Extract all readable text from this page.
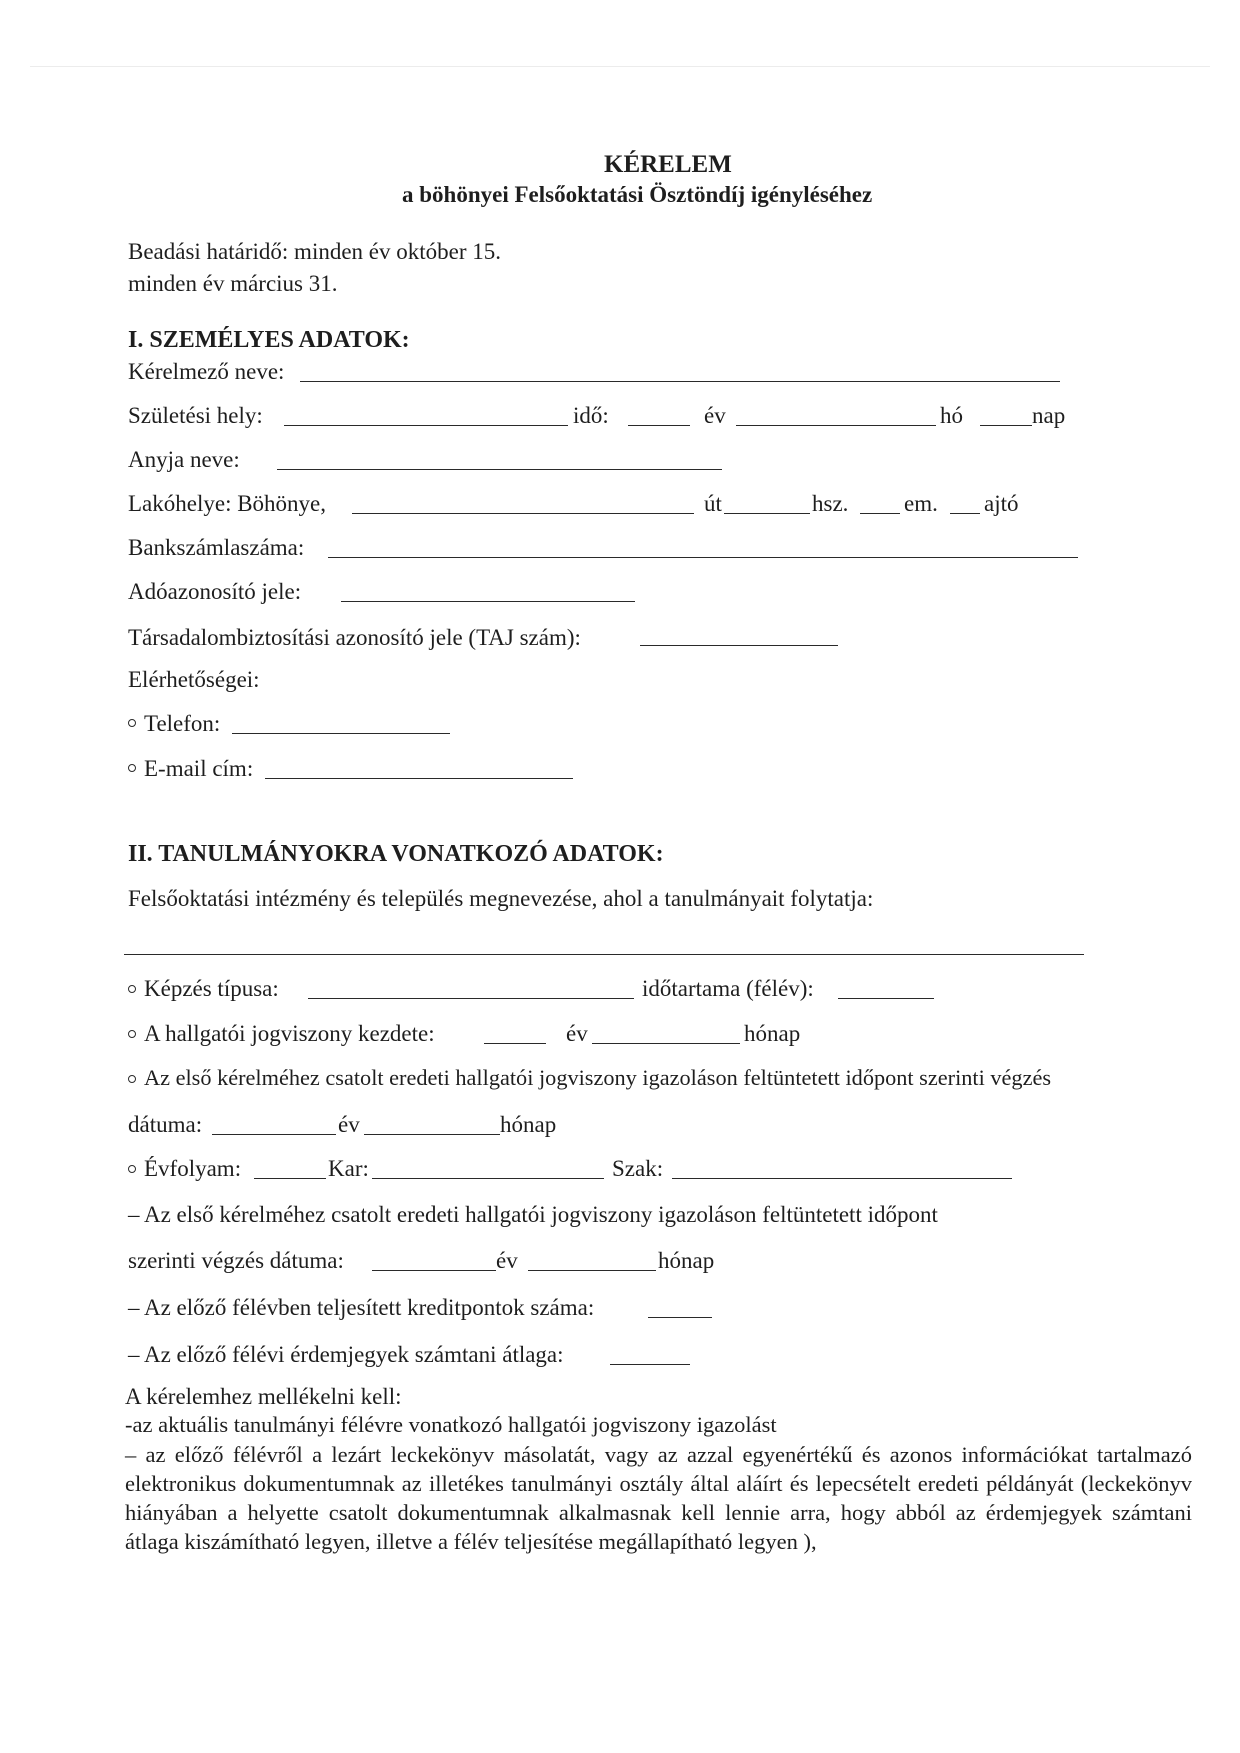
KÉRELEM
a böhönyei Felsőoktatási Ösztöndíj igényléséhez
Beadási határidő: minden év október 15.
minden év március 31.
I. SZEMÉLYES ADATOK:
Kérelmező neve:
Születési hely:	idő:	év	hó	nap
Anyja neve:
Lakóhelye: Böhönye,	út	hsz. em. ajtó
Bankszámlaszáma:
Adóazonosító jele:
Társadalombiztosítási azonosító jele (TAJ szám):
Elérhetőségei:
Telefon:
E-mail cím:
II. TANULMÁNYOKRA VONATKOZÓ ADATOK:
Felsőoktatási intézmény és település megnevezése, ahol a tanulmányait folytatja:
Képzés típusa:	időtartama (félév):
A hallgatói jogviszony kezdete:	év	hónap
Az első kérelméhez csatolt eredeti hallgatói jogviszony igazoláson feltüntetett időpont szerinti végzés
dátuma:	év	hónap
Évfolyam:	Kar:	Szak:
– Az első kérelméhez csatolt eredeti hallgatói jogviszony igazoláson feltüntetett időpont
szerinti végzés dátuma:	év	hónap
– Az előző félévben teljesített kreditpontok száma:
– Az előző félévi érdemjegyek számtani átlaga:
A kérelemhez mellékelni kell:
-az aktuális tanulmányi félévre vonatkozó hallgatói jogviszony igazolást
– az előző félévről a lezárt leckekönyv másolatát, vagy az azzal egyenértékű és azonos információkat tartalmazó elektronikus dokumentumnak az illetékes tanulmányi osztály által aláírt és lepecsételt eredeti példányát (leckekönyv hiányában a helyette csatolt dokumentumnak alkalmasnak kell lennie arra, hogy abból az érdemjegyek számtani átlaga kiszámítható legyen, illetve a félév teljesítése megállapítható legyen ),
